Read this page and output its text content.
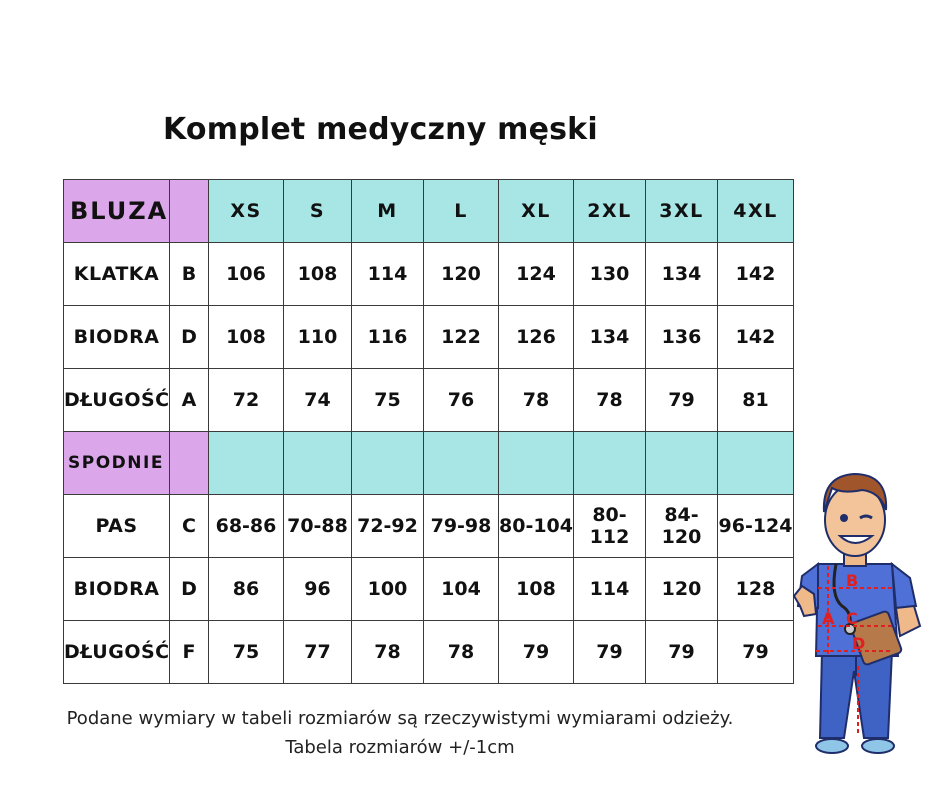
Komplet medyczny męski
BLUZA		XS	S	M	L	XL	2XL	3XL	4XL
KLATKA	B	106	108	114	120	124	130	134	142
BIODRA	D	108	110	116	122	126	134	136	142
DŁUGOŚĆ	A	72	74	75	76	78	78	79	81
SPODNIE									
PAS	C	68-86	70-88	72-92	79-98	80-104	80-112	84-120	96-124
BIODRA	D	86	96	100	104	108	114	120	128
DŁUGOŚĆ	F	75	77	78	78	79	79	79	79
Podane wymiary w tabeli rozmiarów są rzeczywistymi wymiarami odzieży.
Tabela rozmiarów +/-1cm
B
A C
D
